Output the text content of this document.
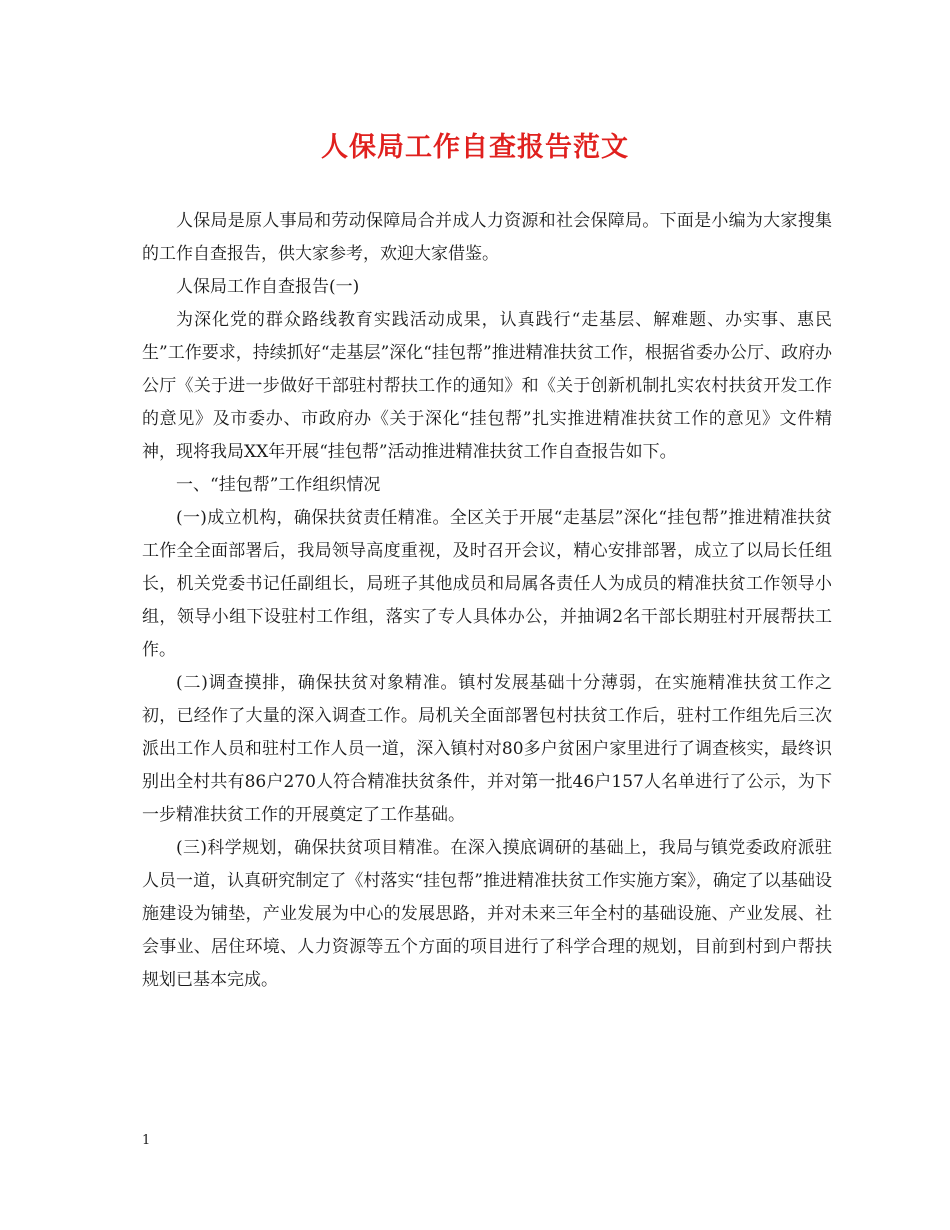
人保局工作自查报告范文

人保局是原人事局和劳动保障局合并成人力资源和社会保障局。下面是小编为大家搜集的工作自查报告，供大家参考，欢迎大家借鉴。

人保局工作自查报告(一)

为深化党的群众路线教育实践活动成果，认真践行“走基层、解难题、办实事、惠民生”工作要求，持续抓好“走基层”深化“挂包帮”推进精准扶贫工作，根据省委办公厅、政府办公厅《关于进一步做好干部驻村帮扶工作的通知》和《关于创新机制扎实农村扶贫开发工作的意见》及市委办、市政府办《关于深化“挂包帮”扎实推进精准扶贫工作的意见》文件精神，现将我局XX年开展“挂包帮”活动推进精准扶贫工作自查报告如下。

一、“挂包帮”工作组织情况

(一)成立机构，确保扶贫责任精准。全区关于开展“走基层”深化“挂包帮”推进精准扶贫工作全全面部署后，我局领导高度重视，及时召开会议，精心安排部署，成立了以局长任组长，机关党委书记任副组长，局班子其他成员和局属各责任人为成员的精准扶贫工作领导小组，领导小组下设驻村工作组，落实了专人具体办公，并抽调2名干部长期驻村开展帮扶工作。

(二)调查摸排，确保扶贫对象精准。镇村发展基础十分薄弱，在实施精准扶贫工作之初，已经作了大量的深入调查工作。局机关全面部署包村扶贫工作后，驻村工作组先后三次派出工作人员和驻村工作人员一道，深入镇村对80多户贫困户家里进行了调查核实，最终识别出全村共有86户270人符合精准扶贫条件，并对第一批46户157人名单进行了公示，为下一步精准扶贫工作的开展奠定了工作基础。

(三)科学规划，确保扶贫项目精准。在深入摸底调研的基础上，我局与镇党委政府派驻人员一道，认真研究制定了《村落实“挂包帮”推进精准扶贫工作实施方案》，确定了以基础设施建设为铺垫，产业发展为中心的发展思路，并对未来三年全村的基础设施、产业发展、社会事业、居住环境、人力资源等五个方面的项目进行了科学合理的规划，目前到村到户帮扶规划已基本完成。

1
